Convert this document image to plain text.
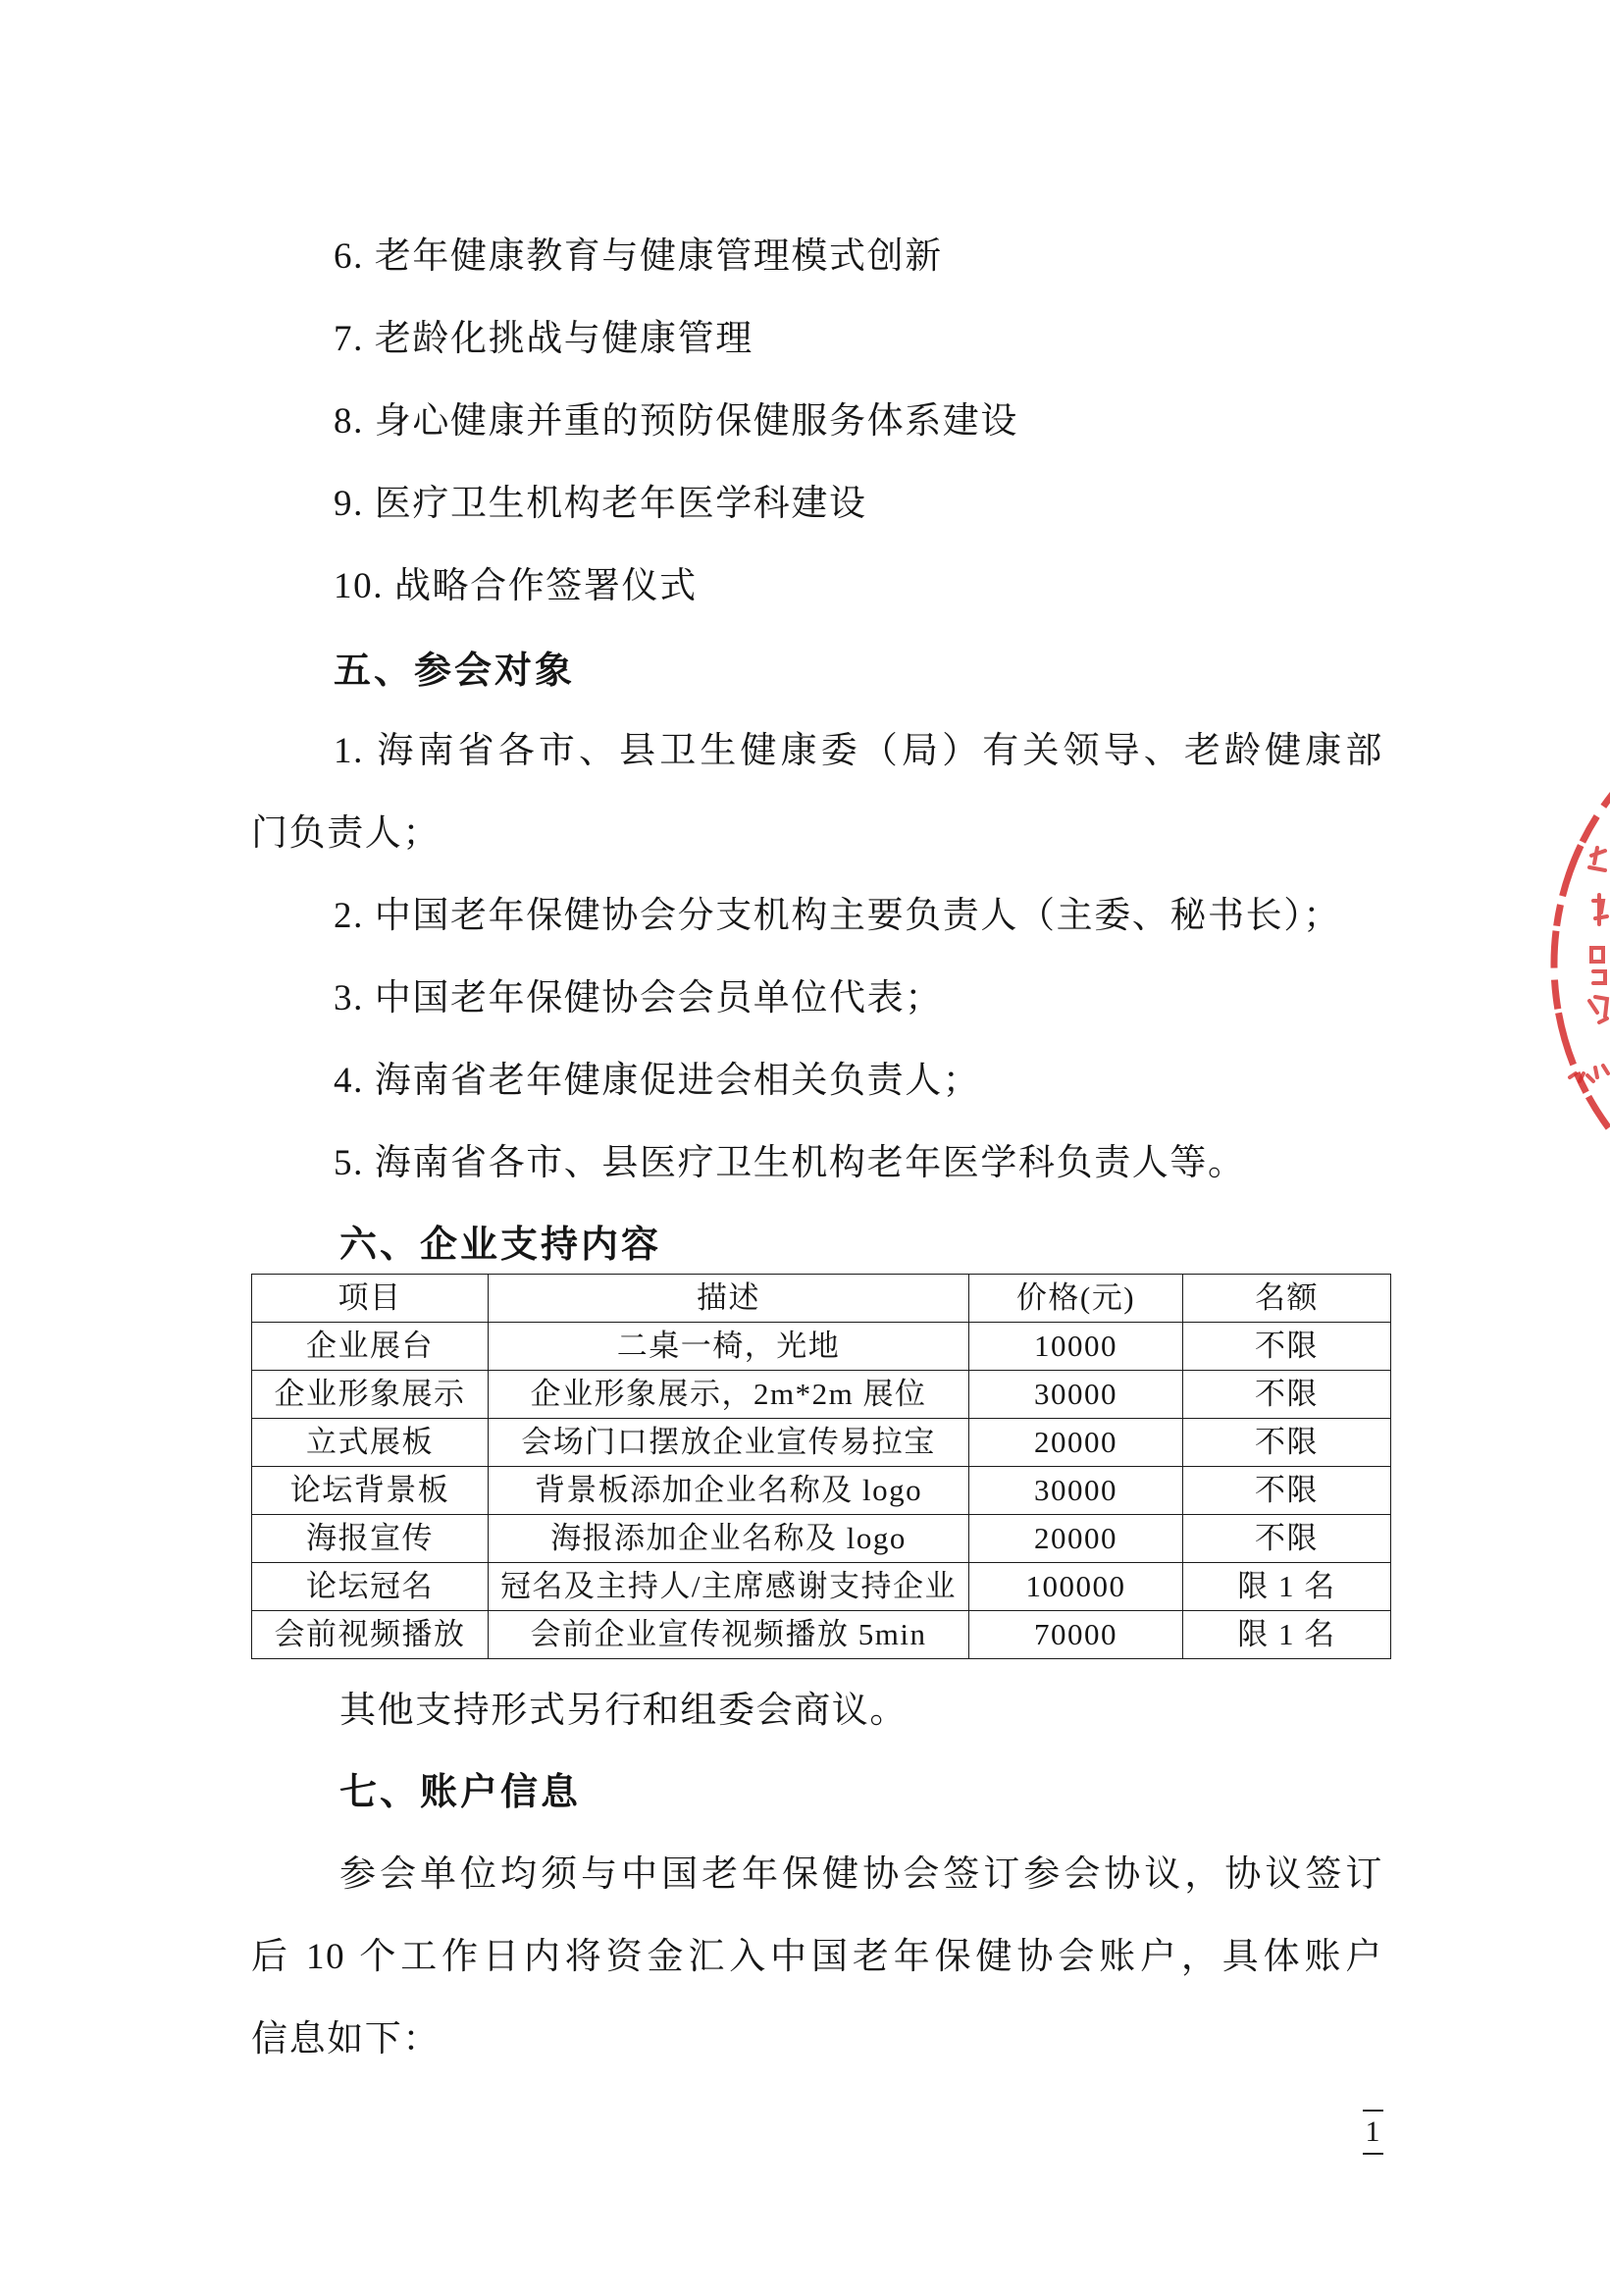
6. 老年健康教育与健康管理模式创新
7. 老龄化挑战与健康管理
8. 身心健康并重的预防保健服务体系建设
9. 医疗卫生机构老年医学科建设
10. 战略合作签署仪式
五、参会对象
1. 海南省各市、县卫生健康委（局）有关领导、老龄健康部
门负责人；
2. 中国老年保健协会分支机构主要负责人（主委、秘书长）；
3. 中国老年保健协会会员单位代表；
4. 海南省老年健康促进会相关负责人；
5. 海南省各市、县医疗卫生机构老年医学科负责人等。
六、企业支持内容
项目	描述	价格(元)	名额
企业展台	二桌一椅，光地	10000	不限
企业形象展示	企业形象展示，2m*2m 展位	30000	不限
立式展板	会场门口摆放企业宣传易拉宝	20000	不限
论坛背景板	背景板添加企业名称及 logo	30000	不限
海报宣传	海报添加企业名称及 logo	20000	不限
论坛冠名	冠名及主持人/主席感谢支持企业	100000	限 1 名
会前视频播放	会前企业宣传视频播放 5min	70000	限 1 名
其他支持形式另行和组委会商议。
七、账户信息
参会单位均须与中国老年保健协会签订参会协议，协议签订
后 10 个工作日内将资金汇入中国老年保健协会账户，具体账户
信息如下：
1
